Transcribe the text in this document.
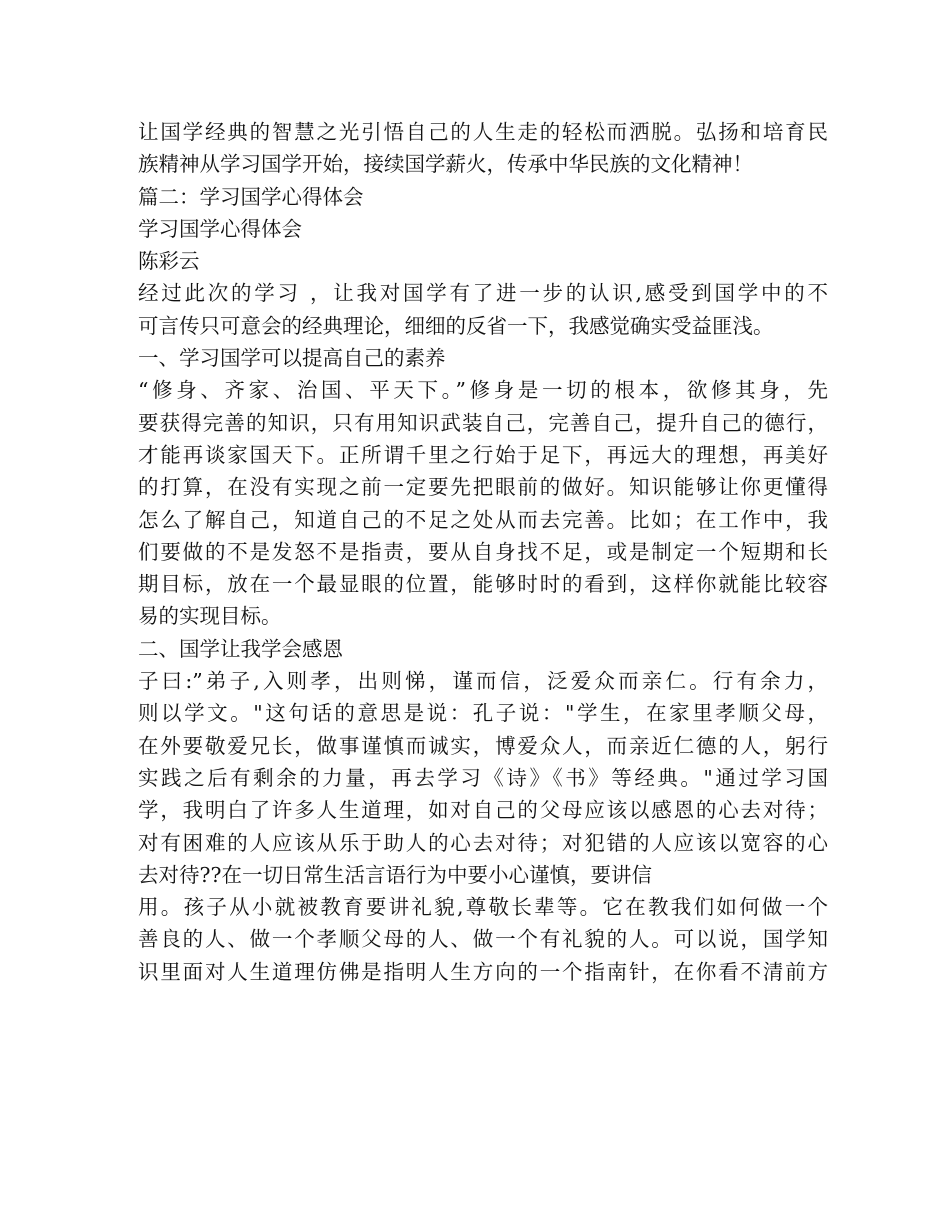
让国学经典的智慧之光引悟自己的人生走的轻松而洒脱。弘扬和培育民
族精神从学习国学开始，接续国学薪火，传承中华民族的文化精神！
篇二：学习国学心得体会
学习国学心得体会
陈彩云
经过此次的学习 ，让我对国学有了进一步的认识,感受到国学中的不
可言传只可意会的经典理论，细细的反省一下，我感觉确实受益匪浅。
一、学习国学可以提高自己的素养
“修身、齐家、治国、平天下。”修身是一切的根本，欲修其身，先
要获得完善的知识，只有用知识武装自己，完善自己，提升自己的德行，
才能再谈家国天下。正所谓千里之行始于足下，再远大的理想，再美好
的打算，在没有实现之前一定要先把眼前的做好。知识能够让你更懂得
怎么了解自己，知道自己的不足之处从而去完善。比如；在工作中，我
们要做的不是发怒不是指责，要从自身找不足，或是制定一个短期和长
期目标，放在一个最显眼的位置，能够时时的看到，这样你就能比较容
易的实现目标。
二、国学让我学会感恩
子曰:”弟子,入则孝，出则悌，谨而信，泛爱众而亲仁。行有余力，
则以学文。"这句话的意思是说：孔子说："学生，在家里孝顺父母，
在外要敬爱兄长，做事谨慎而诚实，博爱众人，而亲近仁德的人，躬行
实践之后有剩余的力量，再去学习《诗》《书》等经典。"通过学习国
学，我明白了许多人生道理，如对自己的父母应该以感恩的心去对待；
对有困难的人应该从乐于助人的心去对待；对犯错的人应该以宽容的心
去对待??在一切日常生活言语行为中要小心谨慎，要讲信
用。孩子从小就被教育要讲礼貌,尊敬长辈等。它在教我们如何做一个
善良的人、做一个孝顺父母的人、做一个有礼貌的人。可以说，国学知
识里面对人生道理仿佛是指明人生方向的一个指南针，在你看不清前方
